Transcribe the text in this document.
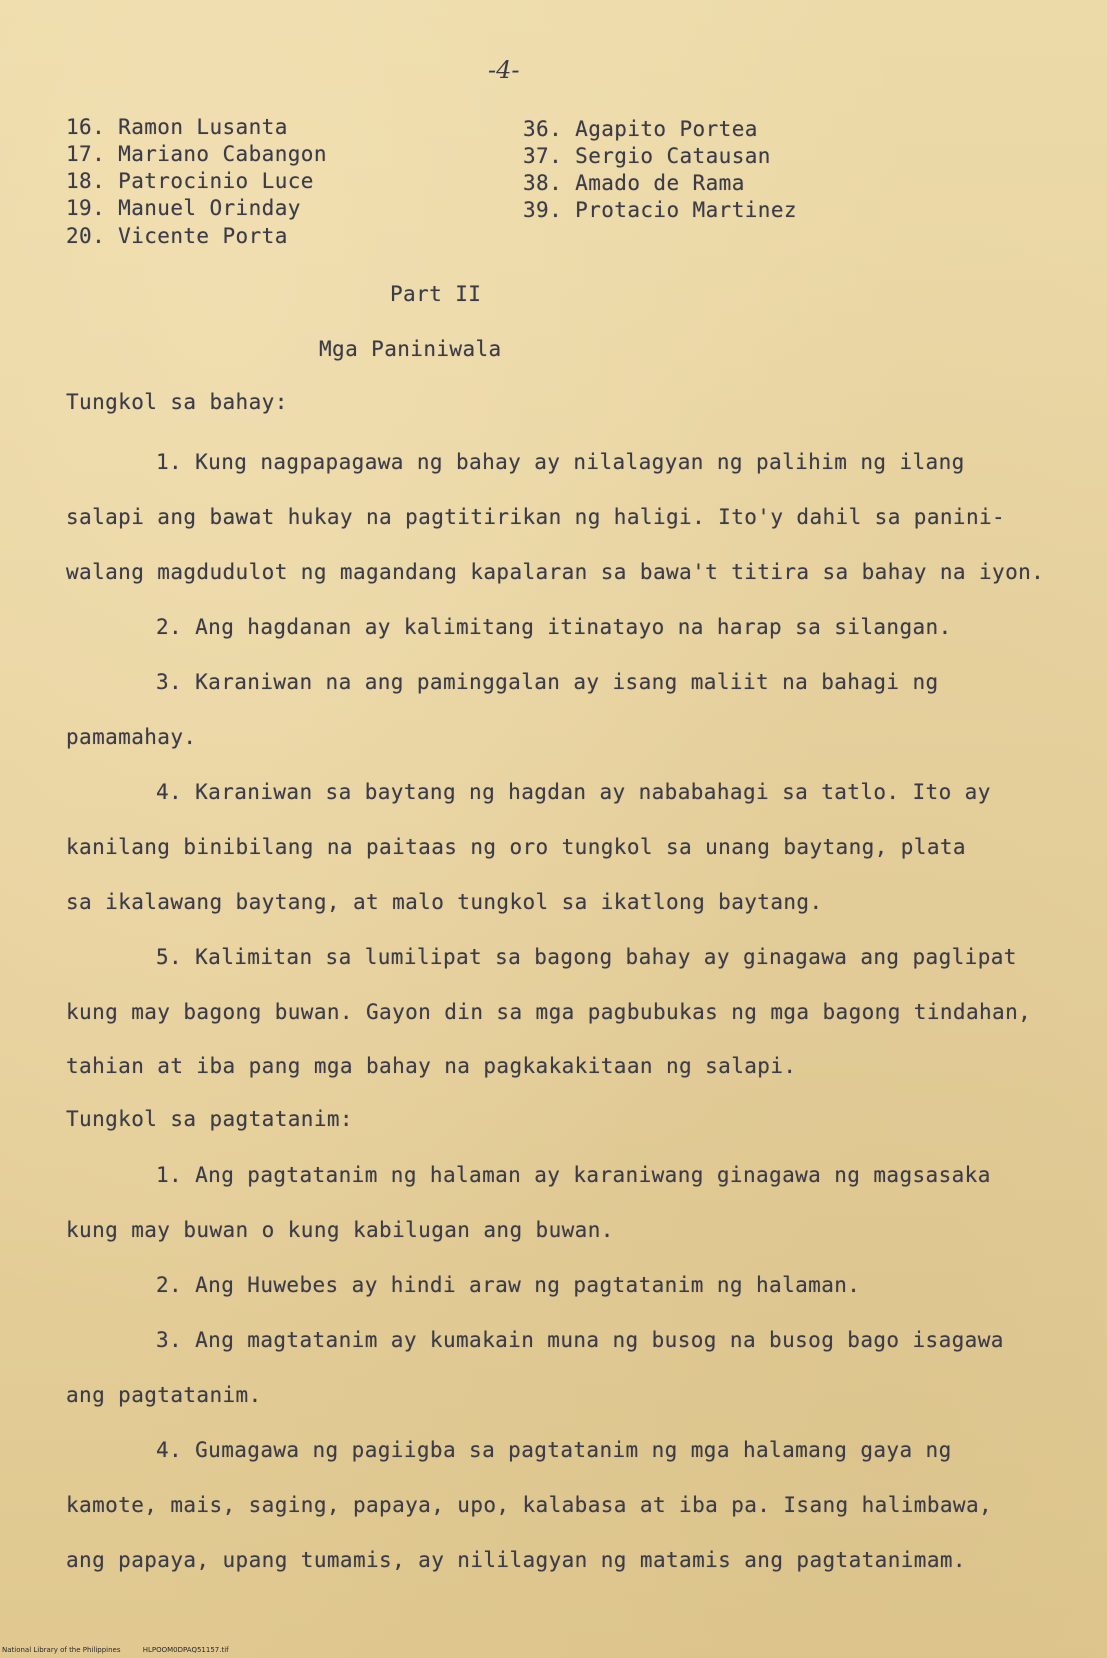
-4-
16. Ramon Lusanta
17. Mariano Cabangon
18. Patrocinio Luce
19. Manuel Orinday
20. Vicente Porta
36. Agapito Portea
37. Sergio Catausan
38. Amado de Rama
39. Protacio Martinez
Part II
Mga Paniniwala
Tungkol sa bahay:
1. Kung nagpapagawa ng bahay ay nilalagyan ng palihim ng ilang
salapi ang bawat hukay na pagtitirikan ng haligi. Ito'y dahil sa panini-
walang magdudulot ng magandang kapalaran sa bawa't titira sa bahay na iyon.
2. Ang hagdanan ay kalimitang itinatayo na harap sa silangan.
3. Karaniwan na ang paminggalan ay isang maliit na bahagi ng
pamamahay.
4. Karaniwan sa baytang ng hagdan ay nababahagi sa tatlo. Ito ay
kanilang binibilang na paitaas ng oro tungkol sa unang baytang, plata
sa ikalawang baytang, at malo tungkol sa ikatlong baytang.
5. Kalimitan sa lumilipat sa bagong bahay ay ginagawa ang paglipat
kung may bagong buwan. Gayon din sa mga pagbubukas ng mga bagong tindahan,
tahian at iba pang mga bahay na pagkakakitaan ng salapi.
Tungkol sa pagtatanim:
1. Ang pagtatanim ng halaman ay karaniwang ginagawa ng magsasaka
kung may buwan o kung kabilugan ang buwan.
2. Ang Huwebes ay hindi araw ng pagtatanim ng halaman.
3. Ang magtatanim ay kumakain muna ng busog na busog bago isagawa
ang pagtatanim.
4. Gumagawa ng pagiigba sa pagtatanim ng mga halamang gaya ng
kamote, mais, saging, papaya, upo, kalabasa at iba pa. Isang halimbawa,
ang papaya, upang tumamis, ay nililagyan ng matamis ang pagtatanimam.
National Library of the Philippines	HLPOOM0DPAQ51157.tif
